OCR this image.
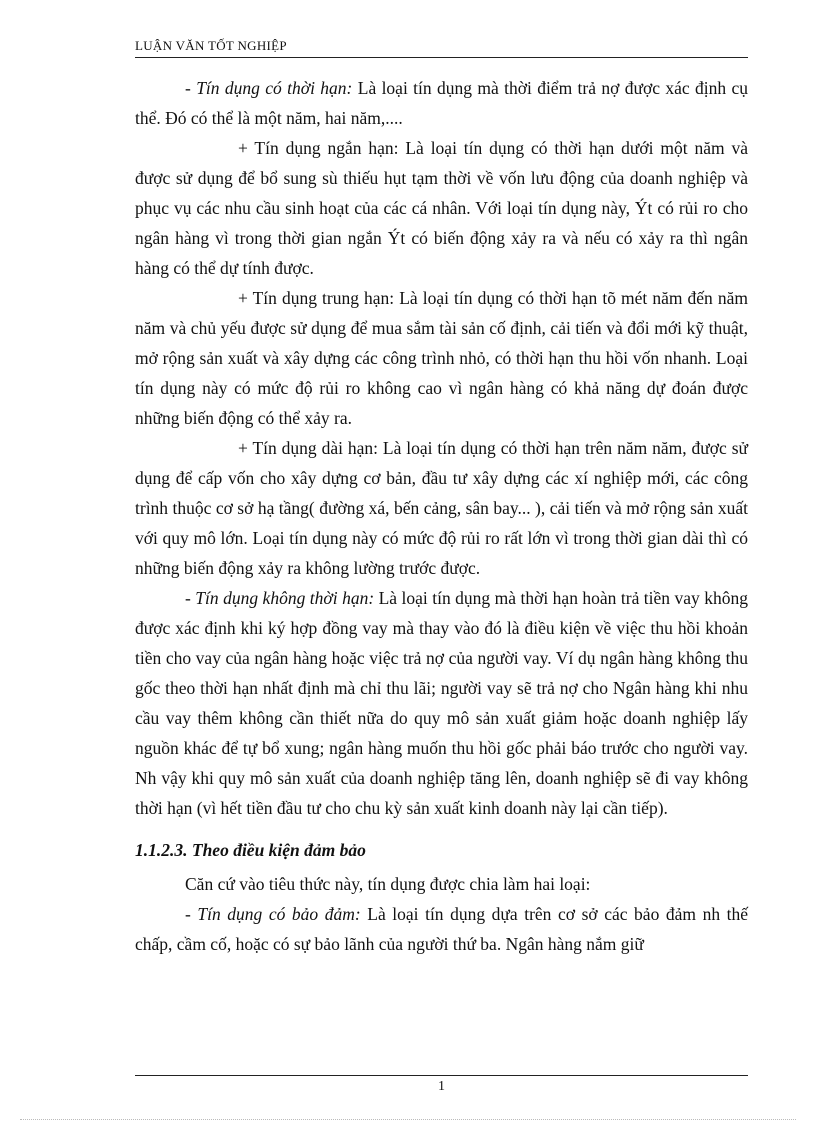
LUẬN VĂN TỐT NGHIỆP

- Tín dụng có thời hạn: Là loại tín dụng mà thời điểm trả nợ được xác định cụ thể. Đó có thể là một năm, hai năm,....

+ Tín dụng ngắn hạn: Là loại tín dụng có thời hạn dưới một năm và được sử dụng để bổ sung sù thiếu hụt tạm thời về vốn lưu động của doanh nghiệp và phục vụ các nhu cầu sinh hoạt của các cá nhân. Với loại tín dụng này, Ýt có rủi ro cho ngân hàng vì trong thời gian ngắn Ýt có biến động xảy ra và nếu có xảy ra thì ngân hàng có thể dự tính được.

+ Tín dụng trung hạn: Là loại tín dụng có thời hạn tõ mét năm đến năm năm và chủ yếu được sử dụng để mua sắm tài sản cố định, cải tiến và đổi mới kỹ thuật, mở rộng sản xuất và xây dựng các công trình nhỏ, có thời hạn thu hồi vốn nhanh. Loại tín dụng này có mức độ rủi ro không cao vì ngân hàng có khả năng dự đoán được những biến động có thể xảy ra.

+ Tín dụng dài hạn: Là loại tín dụng có thời hạn trên năm năm, được sử dụng để cấp vốn cho xây dựng cơ bản, đầu tư xây dựng các xí nghiệp mới, các công trình thuộc cơ sở hạ tầng( đường xá, bến cảng, sân bay... ), cải tiến và mở rộng sản xuất với quy mô lớn. Loại tín dụng này có mức độ rủi ro rất lớn vì trong thời gian dài thì có những biến động xảy ra không lường trước được.

- Tín dụng không thời hạn: Là loại tín dụng mà thời hạn hoàn trả tiền vay không được xác định khi ký hợp đồng vay mà thay vào đó là điều kiện về việc thu hồi khoản tiền cho vay của ngân hàng hoặc việc trả nợ của người vay. Ví dụ ngân hàng không thu gốc theo thời hạn nhất định mà chỉ thu lãi; người vay sẽ trả nợ cho Ngân hàng khi nhu cầu vay thêm không cần thiết nữa do quy mô sản xuất giảm hoặc doanh nghiệp lấy nguồn khác để tự bổ xung; ngân hàng muốn thu hồi gốc phải báo trước cho người vay. Nh vậy khi quy mô sản xuất của doanh nghiệp tăng lên, doanh nghiệp sẽ đi vay không thời hạn (vì hết tiền đầu tư cho chu kỳ sản xuất kinh doanh này lại cần tiếp).

1.1.2.3. Theo điều kiện đảm bảo

Căn cứ vào tiêu thức này, tín dụng được chia làm hai loại:

- Tín dụng có bảo đảm: Là loại tín dụng dựa trên cơ sở các bảo đảm nh thế chấp, cầm cố, hoặc có sự bảo lãnh của người thứ ba. Ngân hàng nắm giữ

1
